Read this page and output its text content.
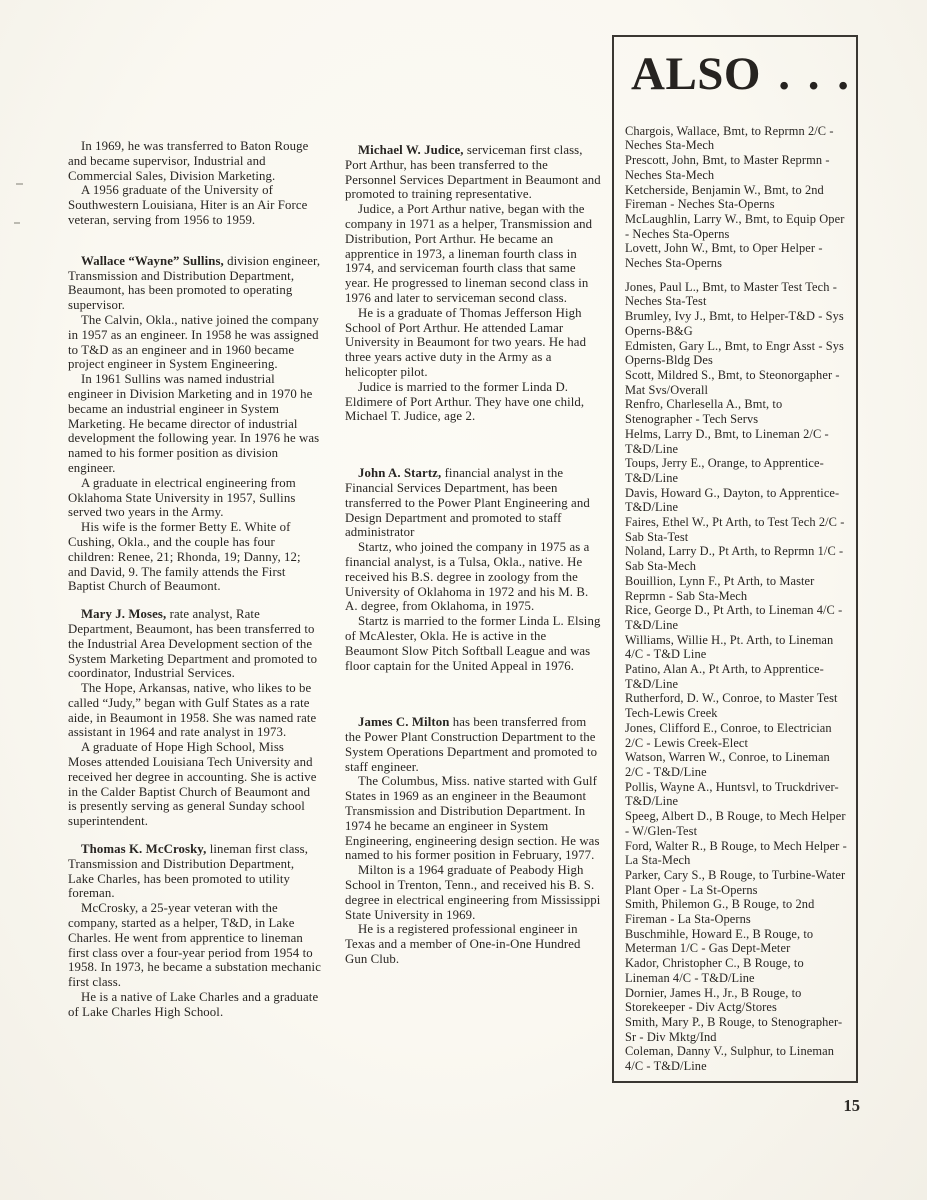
In 1969, he was transferred to Baton Rouge and became supervisor, Industrial and Commercial Sales, Division Marketing.

A 1956 graduate of the University of Southwestern Louisiana, Hiter is an Air Force veteran, serving from 1956 to 1959.

Wallace “Wayne” Sullins, division engineer, Transmission and Distribution Department, Beaumont, has been promoted to operating supervisor.

The Calvin, Okla., native joined the company in 1957 as an engineer. In 1958 he was assigned to T&D as an engineer and in 1960 became project engineer in System Engineering.

In 1961 Sullins was named industrial engineer in Division Marketing and in 1970 he became an industrial engineer in System Marketing. He became director of industrial development the following year. In 1976 he was named to his former position as division engineer.

A graduate in electrical engineering from Oklahoma State University in 1957, Sullins served two years in the Army.

His wife is the former Betty E. White of Cushing, Okla., and the couple has four children: Renee, 21; Rhonda, 19; Danny, 12; and David, 9. The family attends the First Baptist Church of Beaumont.

Mary J. Moses, rate analyst, Rate Department, Beaumont, has been transferred to the Industrial Area Development section of the System Marketing Department and promoted to coordinator, Industrial Services.

The Hope, Arkansas, native, who likes to be called “Judy,” began with Gulf States as a rate aide, in Beaumont in 1958. She was named rate assistant in 1964 and rate analyst in 1973.

A graduate of Hope High School, Miss Moses attended Louisiana Tech University and received her degree in accounting. She is active in the Calder Baptist Church of Beaumont and is presently serving as general Sunday school superintendent.

Thomas K. McCrosky, lineman first class, Transmission and Distribution Department, Lake Charles, has been promoted to utility foreman.

McCrosky, a 25-year veteran with the company, started as a helper, T&D, in Lake Charles. He went from apprentice to lineman first class over a four-year period from 1954 to 1958. In 1973, he became a substation mechanic first class.

He is a native of Lake Charles and a graduate of Lake Charles High School.

Michael W. Judice, serviceman first class, Port Arthur, has been transferred to the Personnel Services Department in Beaumont and promoted to training representative.

Judice, a Port Arthur native, began with the company in 1971 as a helper, Transmission and Distribution, Port Arthur. He became an apprentice in 1973, a lineman fourth class in 1974, and serviceman fourth class that same year. He progressed to lineman second class in 1976 and later to serviceman second class.

He is a graduate of Thomas Jefferson High School of Port Arthur. He attended Lamar University in Beaumont for two years. He had three years active duty in the Army as a helicopter pilot.

Judice is married to the former Linda D. Eldimere of Port Arthur. They have one child, Michael T. Judice, age 2.

John A. Startz, financial analyst in the Financial Services Department, has been transferred to the Power Plant Engineering and Design Department and promoted to staff administrator

Startz, who joined the company in 1975 as a financial analyst, is a Tulsa, Okla., native. He received his B.S. degree in zoology from the University of Oklahoma in 1972 and his M. B. A. degree, from Oklahoma, in 1975.

Startz is married to the former Linda L. Elsing of McAlester, Okla. He is active in the Beaumont Slow Pitch Softball League and was floor captain for the United Appeal in 1976.

James C. Milton has been transferred from the Power Plant Construction Department to the System Operations Department and promoted to staff engineer.

The Columbus, Miss. native started with Gulf States in 1969 as an engineer in the Beaumont Transmission and Distribution Department. In 1974 he became an engineer in System Engineering, engineering design section. He was named to his former position in February, 1977.

Milton is a 1964 graduate of Peabody High School in Trenton, Tenn., and received his B. S. degree in electrical engineering from Mississippi State University in 1969.

He is a registered professional engineer in Texas and a member of One-in-One Hundred Gun Club.

ALSO . . .
Chargois, Wallace, Bmt, to Reprmn 2/C - Neches Sta-Mech
Prescott, John, Bmt, to Master Reprmn - Neches Sta-Mech
Ketcherside, Benjamin W., Bmt, to 2nd Fireman - Neches Sta-Operns
McLaughlin, Larry W., Bmt, to Equip Oper - Neches Sta-Operns
Lovett, John W., Bmt, to Oper Helper - Neches Sta-Operns
Jones, Paul L., Bmt, to Master Test Tech - Neches Sta-Test
Brumley, Ivy J., Bmt, to Helper-T&D - Sys Operns-B&G
Edmisten, Gary L., Bmt, to Engr Asst - Sys Operns-Bldg Des
Scott, Mildred S., Bmt, to Steonorgapher - Mat Svs/Overall
Renfro, Charlesella A., Bmt, to Stenographer - Tech Servs
Helms, Larry D., Bmt, to Lineman 2/C - T&D/Line
Toups, Jerry E., Orange, to Apprentice-T&D/Line
Davis, Howard G., Dayton, to Apprentice-T&D/Line
Faires, Ethel W., Pt Arth, to Test Tech 2/C - Sab Sta-Test
Noland, Larry D., Pt Arth, to Reprmn 1/C - Sab Sta-Mech
Bouillion, Lynn F., Pt Arth, to Master Reprmn - Sab Sta-Mech
Rice, George D., Pt Arth, to Lineman 4/C - T&D/Line
Williams, Willie H., Pt. Arth, to Lineman 4/C - T&D Line
Patino, Alan A., Pt Arth, to Apprentice-T&D/Line
Rutherford, D. W., Conroe, to Master Test Tech-Lewis Creek
Jones, Clifford E., Conroe, to Electrician 2/C - Lewis Creek-Elect
Watson, Warren W., Conroe, to Lineman 2/C - T&D/Line
Pollis, Wayne A., Huntsvl, to Truckdriver-T&D/Line
Speeg, Albert D., B Rouge, to Mech Helper - W/Glen-Test
Ford, Walter R., B Rouge, to Mech Helper - La Sta-Mech
Parker, Cary S., B Rouge, to Turbine-Water Plant Oper - La St-Operns
Smith, Philemon G., B Rouge, to 2nd Fireman - La Sta-Operns
Buschmihle, Howard E., B Rouge, to Meterman 1/C - Gas Dept-Meter
Kador, Christopher C., B Rouge, to Lineman 4/C - T&D/Line
Dornier, James H., Jr., B Rouge, to Storekeeper - Div Actg/Stores
Smith, Mary P., B Rouge, to Stenographer-Sr - Div Mktg/Ind
Coleman, Danny V., Sulphur, to Lineman 4/C - T&D/Line
15
